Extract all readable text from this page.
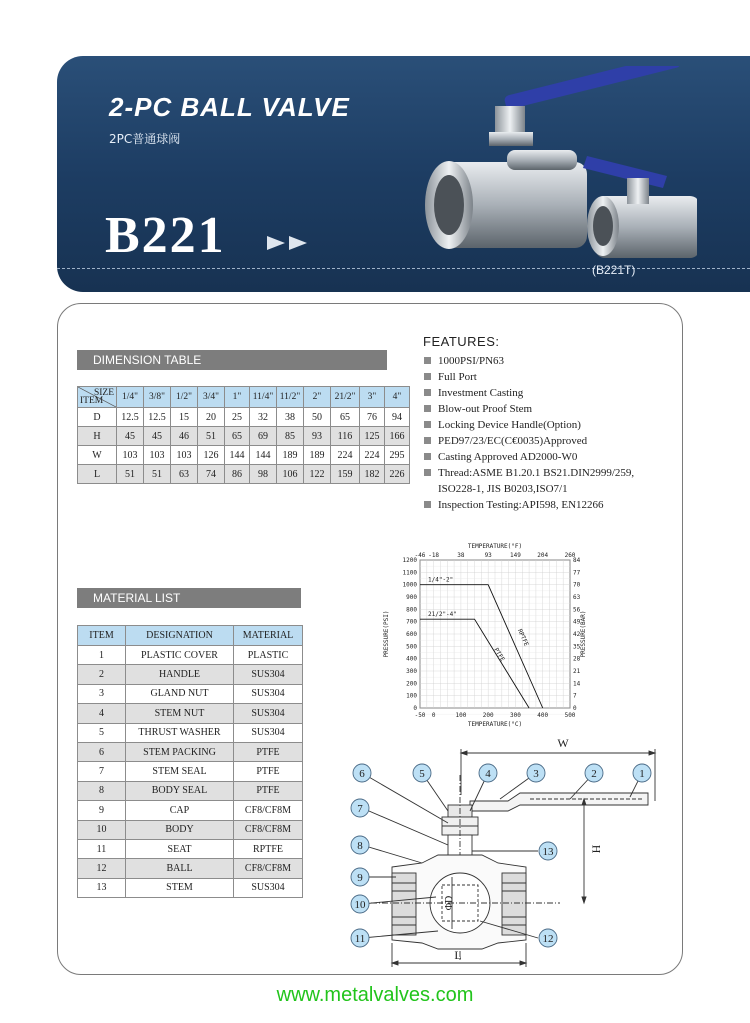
2-PC BALL VALVE
2PC普通球阀
B221
(B221T)
DIMENSION TABLE
SIZE
ITEM	1/4"	3/8"	1/2"	3/4"	1"	11/4"	11/2"	2"	21/2"	3"	4"
D	12.5	12.5	15	20	25	32	38	50	65	76	94
H	45	45	46	51	65	69	85	93	116	125	166
W	103	103	103	126	144	144	189	189	224	224	295
L	51	51	63	74	86	98	106	122	159	182	226
MATERIAL LIST
ITEM	DESIGNATION	MATERIAL
1	PLASTIC COVER	PLASTIC
2	HANDLE	SUS304
3	GLAND NUT	SUS304
4	STEM NUT	SUS304
5	THRUST WASHER	SUS304
6	STEM PACKING	PTFE
7	STEM SEAL	PTFE
8	BODY SEAL	PTFE
9	CAP	CF8/CF8M
10	BODY	CF8/CF8M
11	SEAT	RPTFE
12	BALL	CF8/CF8M
13	STEM	SUS304
FEATURES:
1000PSI/PN63
Full Port
Investment Casting
Blow-out Proof Stem
Locking Device Handle(Option)
PED97/23/EC(C€0035)Approved
Casting Approved AD2000-W0
Thread:ASME B1.20.1 BS21.DIN2999/259,
ISO228-1, JIS B0203,ISO7/1
Inspection Testing:API598, EN12266
0
100
200
300
400
500
600
700
800
900
1000
1100
1200
0
7
14
21
28
35
42
49
56
63
70
77
84
-50 0	100	200	300	400	500
-46 -18	38	93	149	204	260
TEMPERATURE(°C)
TEMPERATURE(°F)
PRESSURE(PSI)	PRESSURE(BAR)
RPTFE
1/4"-2"
PTFE
21/2"-4"
6	5	4	3	2	1
7
8
9
10
11	12
13
W
H
L
ΦD
www.metalvalves.com
